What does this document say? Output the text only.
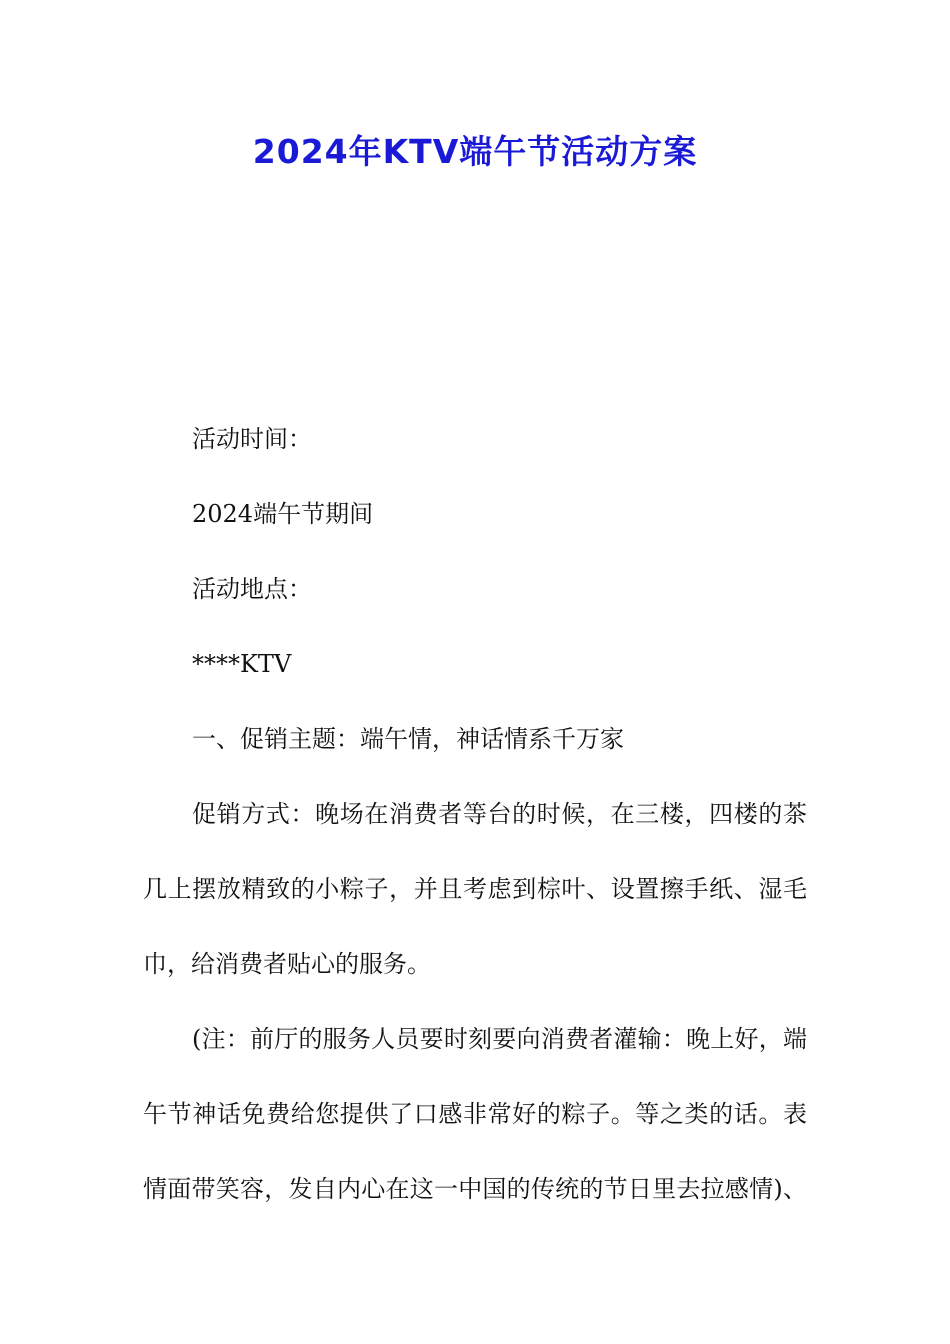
2024年KTV端午节活动方案
活动时间：
2024端午节期间
活动地点：
****KTV
一、促销主题：端午情，神话情系千万家
促销方式：晚场在消费者等台的时候，在三楼，四楼的茶
几上摆放精致的小粽子，并且考虑到棕叶、设置擦手纸、湿毛
巾，给消费者贴心的服务。
(注：前厅的服务人员要时刻要向消费者灌输：晚上好，端
午节神话免费给您提供了口感非常好的粽子。等之类的话。表
情面带笑容，发自内心在这一中国的传统的节日里去拉感情)、
